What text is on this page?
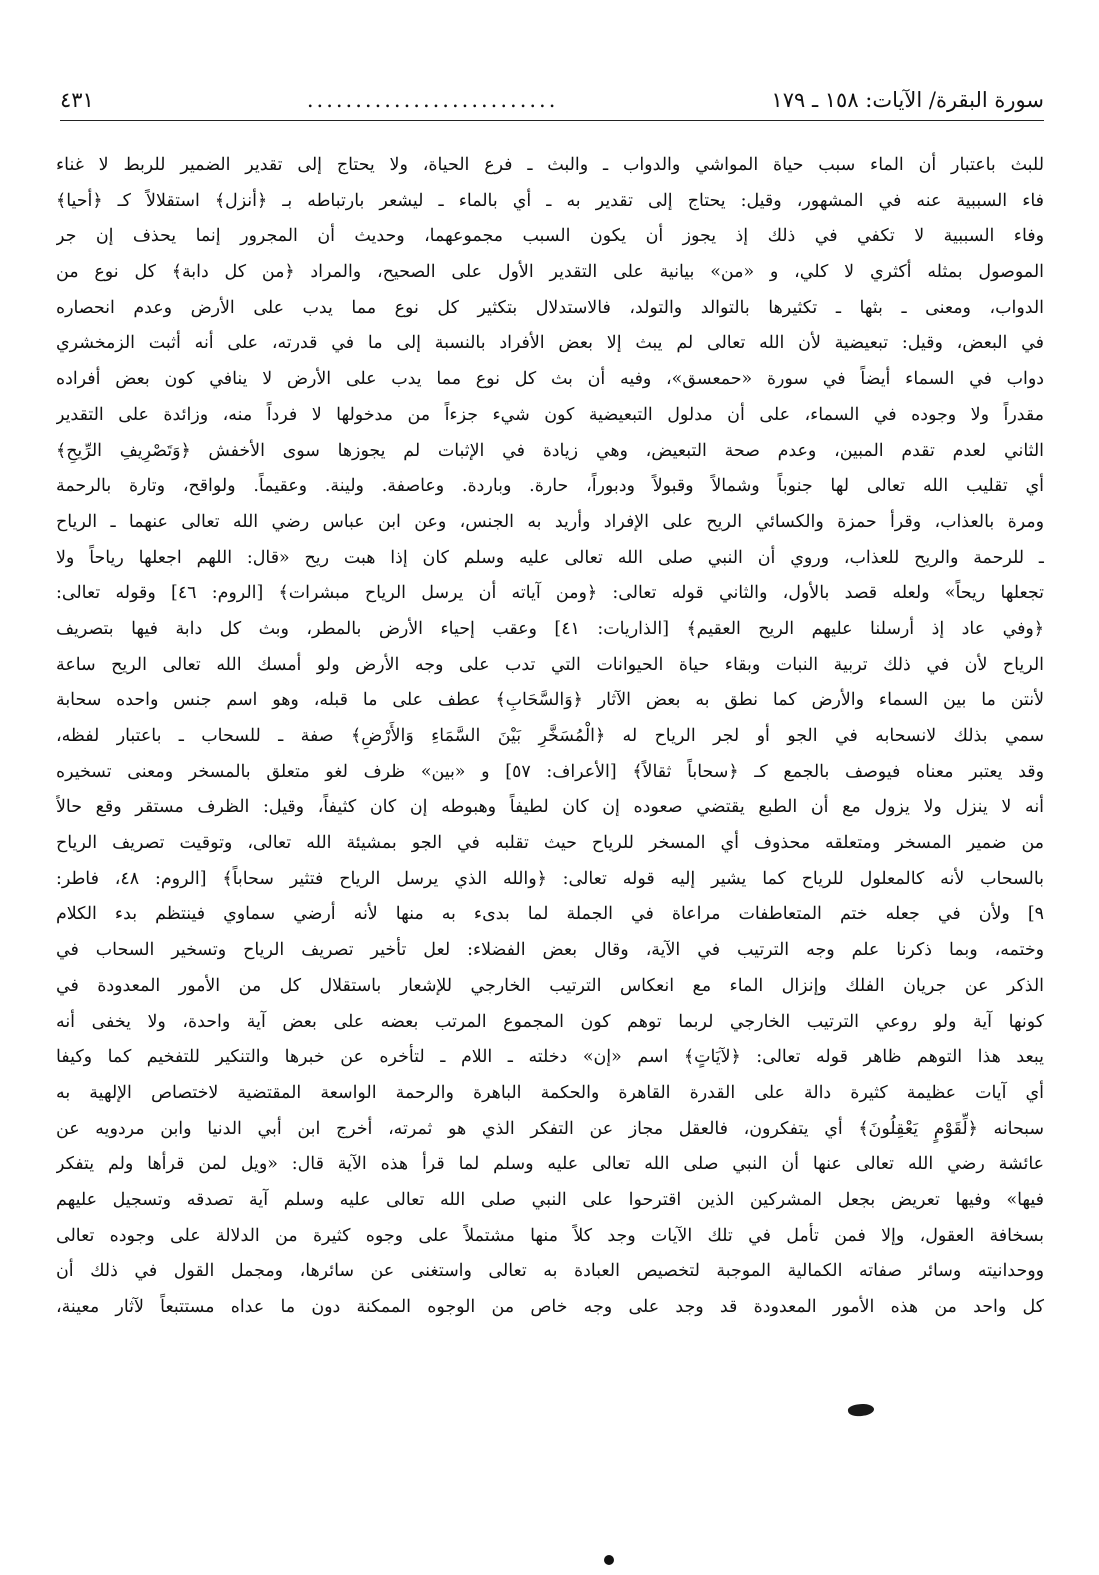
سورة البقرة/ الآيات: ١٥٨ ـ ١٧٩
..........................
٤٣١
للبث باعتبار أن الماء سبب حياة المواشي والدواب ـ والبث ـ فرع الحياة، ولا يحتاج إلى تقدير الضمير للربط لا غناء
فاء السببية عنه في المشهور، وقيل: يحتاج إلى تقدير به ـ أي بالماء ـ ليشعر بارتباطه بـ ﴿أنزل﴾ استقلالاً كـ ﴿أحيا﴾
وفاء السببية لا تكفي في ذلك إذ يجوز أن يكون السبب مجموعهما، وحديث أن المجرور إنما يحذف إن جر
الموصول بمثله أكثري لا كلي، و «من» بيانية على التقدير الأول على الصحيح، والمراد ﴿من كل دابة﴾ كل نوع من
الدواب، ومعنى ـ بثها ـ تكثيرها بالتوالد والتولد، فالاستدلال بتكثير كل نوع مما يدب على الأرض وعدم انحصاره
في البعض، وقيل: تبعيضية لأن الله تعالى لم يبث إلا بعض الأفراد بالنسبة إلى ما في قدرته، على أنه أثبت الزمخشري
دواب في السماء أيضاً في سورة «حمعسق»، وفيه أن بث كل نوع مما يدب على الأرض لا ينافي كون بعض أفراده
مقدراً ولا وجوده في السماء، على أن مدلول التبعيضية كون شيء جزءاً من مدخولها لا فرداً منه، وزائدة على التقدير
الثاني لعدم تقدم المبين، وعدم صحة التبعيض، وهي زيادة في الإثبات لم يجوزها سوى الأخفش ﴿وَتَصْرِيفِ الرِّيحِ﴾
أي تقليب الله تعالى لها جنوباً وشمالاً وقبولاً ودبوراً، حارة. وباردة. وعاصفة. ولينة. وعقيماً. ولواقح، وتارة بالرحمة
ومرة بالعذاب، وقرأ حمزة والكسائي الريح على الإفراد وأريد به الجنس، وعن ابن عباس رضي الله تعالى عنهما ـ الرياح
ـ للرحمة والريح للعذاب، وروي أن النبي صلى الله تعالى عليه وسلم كان إذا هبت ريح «قال: اللهم اجعلها رياحاً ولا
تجعلها ريحاً» ولعله قصد بالأول، والثاني قوله تعالى: ﴿ومن آياته أن يرسل الرياح مبشرات﴾ [الروم: ٤٦] وقوله تعالى:
﴿وفي عاد إذ أرسلنا عليهم الريح العقيم﴾ [الذاريات: ٤١] وعقب إحياء الأرض بالمطر، وبث كل دابة فيها بتصريف
الرياح لأن في ذلك تربية النبات وبقاء حياة الحيوانات التي تدب على وجه الأرض ولو أمسك الله تعالى الريح ساعة
لأنتن ما بين السماء والأرض كما نطق به بعض الآثار ﴿وَالسَّحَابِ﴾ عطف على ما قبله، وهو اسم جنس واحده سحابة
سمي بذلك لانسحابه في الجو أو لجر الرياح له ﴿الْمُسَخَّرِ بَيْنَ السَّمَاءِ وَالأَرْضِ﴾ صفة ـ للسحاب ـ باعتبار لفظه،
وقد يعتبر معناه فيوصف بالجمع كـ ﴿سحاباً ثقالاً﴾ [الأعراف: ٥٧] و «بين» ظرف لغو متعلق بالمسخر ومعنى تسخيره
أنه لا ينزل ولا يزول مع أن الطبع يقتضي صعوده إن كان لطيفاً وهبوطه إن كان كثيفاً، وقيل: الظرف مستقر وقع حالاً
من ضمير المسخر ومتعلقه محذوف أي المسخر للرياح حيث تقلبه في الجو بمشيئة الله تعالى، وتوقيت تصريف الرياح
بالسحاب لأنه كالمعلول للرياح كما يشير إليه قوله تعالى: ﴿والله الذي يرسل الرياح فتثير سحاباً﴾ [الروم: ٤٨، فاطر:
٩] ولأن في جعله ختم المتعاطفات مراعاة في الجملة لما بدىء به منها لأنه أرضي سماوي فينتظم بدء الكلام
وختمه، وبما ذكرنا علم وجه الترتيب في الآية، وقال بعض الفضلاء: لعل تأخير تصريف الرياح وتسخير السحاب في
الذكر عن جريان الفلك وإنزال الماء مع انعكاس الترتيب الخارجي للإشعار باستقلال كل من الأمور المعدودة في
كونها آية ولو روعي الترتيب الخارجي لربما توهم كون المجموع المرتب بعضه على بعض آية واحدة، ولا يخفى أنه
يبعد هذا التوهم ظاهر قوله تعالى: ﴿لآيَاتٍ﴾ اسم «إن» دخلته ـ اللام ـ لتأخره عن خبرها والتنكير للتفخيم كما وكيفا
أي آيات عظيمة كثيرة دالة على القدرة القاهرة والحكمة الباهرة والرحمة الواسعة المقتضية لاختصاص الإلهية به
سبحانه ﴿لِّقَوْمٍ يَعْقِلُونَ﴾ أي يتفكرون، فالعقل مجاز عن التفكر الذي هو ثمرته، أخرج ابن أبي الدنيا وابن مردويه عن
عائشة رضي الله تعالى عنها أن النبي صلى الله تعالى عليه وسلم لما قرأ هذه الآية قال: «ويل لمن قرأها ولم يتفكر
فيها» وفيها تعريض بجعل المشركين الذين اقترحوا على النبي صلى الله تعالى عليه وسلم آية تصدقه وتسجيل عليهم
بسخافة العقول، وإلا فمن تأمل في تلك الآيات وجد كلاً منها مشتملاً على وجوه كثيرة من الدلالة على وجوده تعالى
ووحدانيته وسائر صفاته الكمالية الموجبة لتخصيص العبادة به تعالى واستغنى عن سائرها، ومجمل القول في ذلك أن
كل واحد من هذه الأمور المعدودة قد وجد على وجه خاص من الوجوه الممكنة دون ما عداه مستتبعاً لآثار معينة،
